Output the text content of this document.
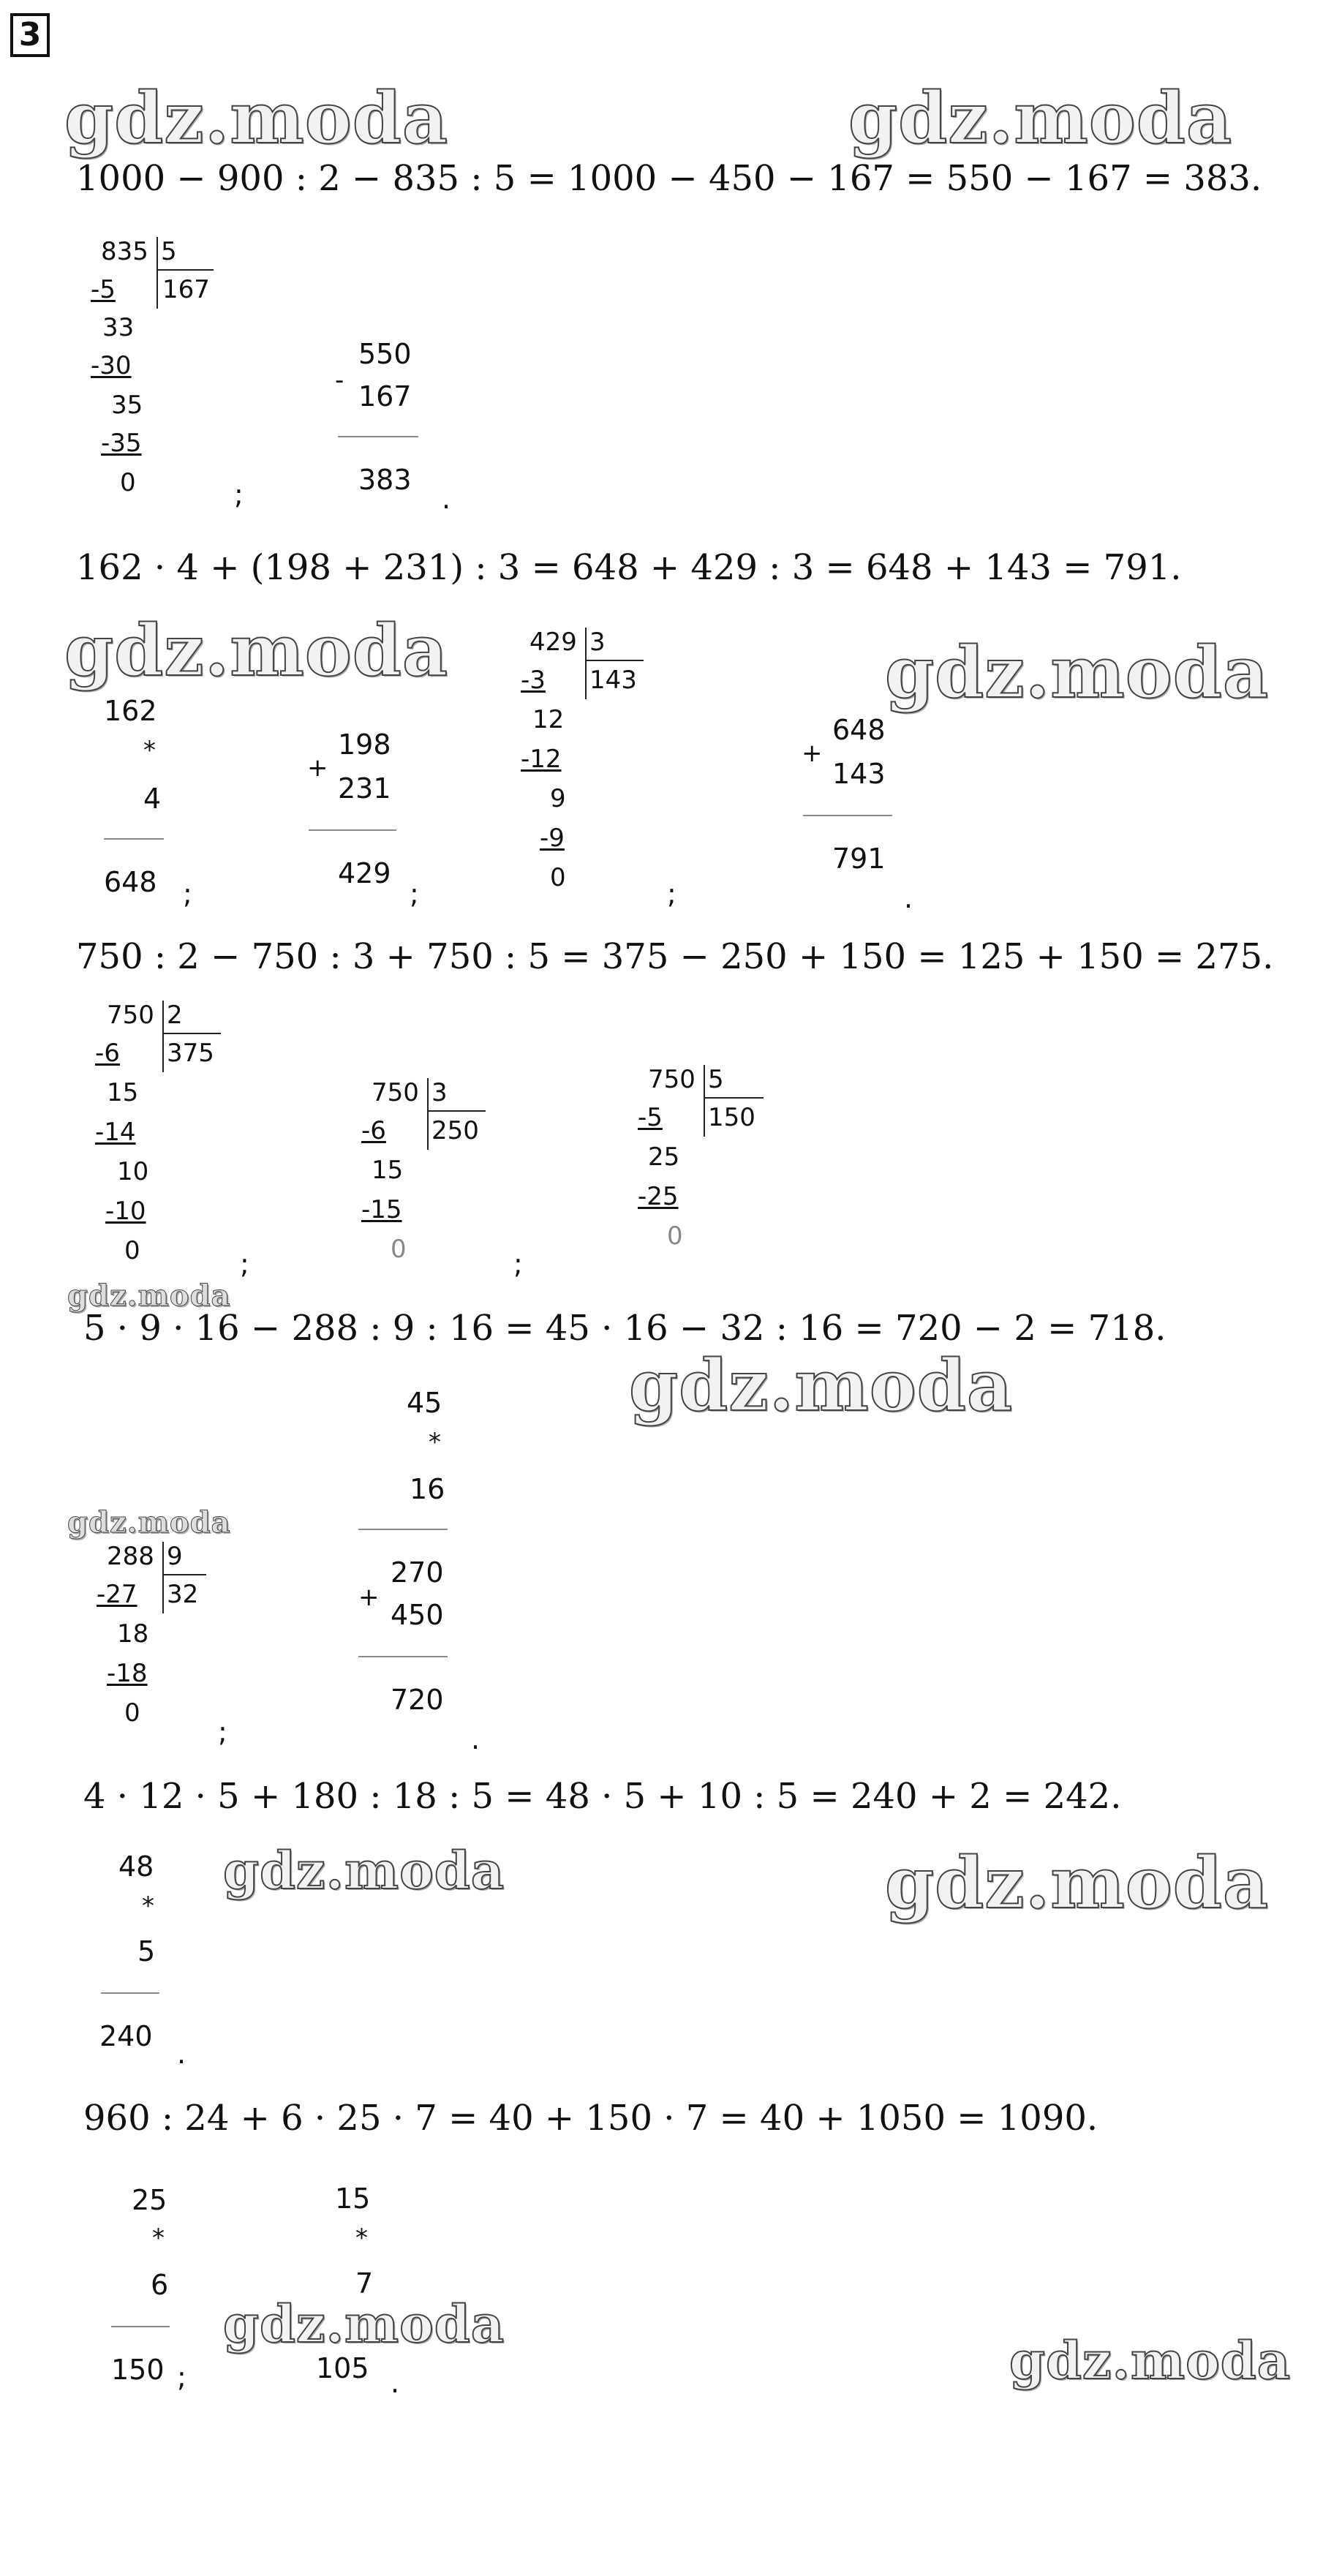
3
gdz.moda	gdz.moda
gdz.moda	gdz.moda
gdz.moda
gdz.moda
gdz.moda
gdz.moda	gdz.moda
gdz.moda
gdz.moda
1000 − 900 : 2 − 835 : 5 = 1000 − 450 − 167 = 550 − 167 = 383.
835 5
167
-5
33
-30
35
-35
0	;
-
550
167
383
.
162 · 4 + (198 + 231) : 3 = 648 + 429 : 3 = 648 + 143 = 791.
162
*
4
648 ;
+
198
231
429
;
429 3
143
-3
12
-12
9
-9
0	;
+
648
143
791
.
750 : 2 − 750 : 3 + 750 : 5 = 375 − 250 + 150 = 125 + 150 = 275.
750 2
375
-6
15
-14
10
-10
0	;
750 3
250
-6
15
-15
0	;
750 5
150
-5
25
-25
0
5 · 9 · 16 − 288 : 9 : 16 = 45 · 16 − 32 : 16 = 720 − 2 = 718.
45
*
16
270
+
450
720
.
288 9
32
-27
18
-18
0
;
4 · 12 · 5 + 180 : 18 : 5 = 48 · 5 + 10 : 5 = 240 + 2 = 242.
48
*
5
240
.
960 : 24 + 6 · 25 · 7 = 40 + 150 · 7 = 40 + 1050 = 1090.
25
*
6
150 ;
15
*
7
105 .
